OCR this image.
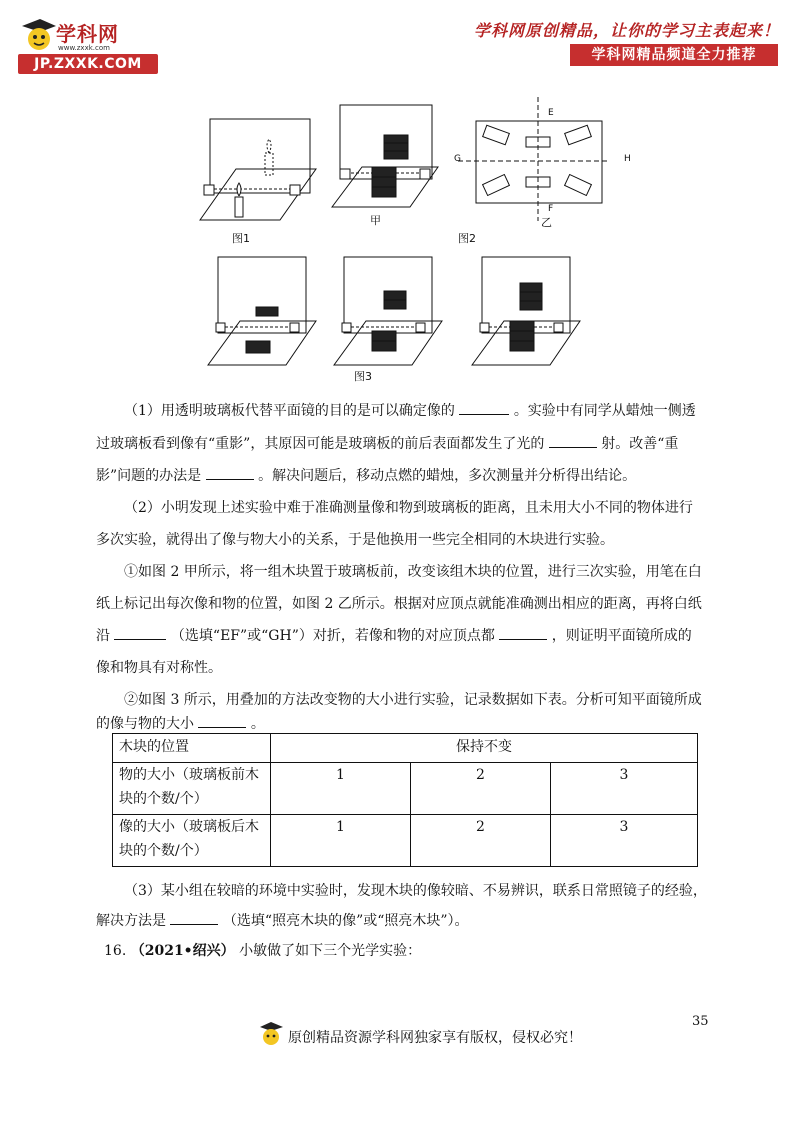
学科网
www.zxxk.com
JP.ZXXK.COM
学科网原创精品，让你的学习主表起来！
学科网精品频道全力推荐
图1
甲
图2
乙
E
F
G	H
图3
（1）用透明玻璃板代替平面镜的目的是可以确定像的	。实验中有同学从蜡烛一侧透
过玻璃板看到像有“重影”，其原因可能是玻璃板的前后表面都发生了光的	射。改善“重
影”问题的办法是	。解决问题后，移动点燃的蜡烛，多次测量并分析得出结论。
（2）小明发现上述实验中难于准确测量像和物到玻璃板的距离，且未用大小不同的物体进行
多次实验，就得出了像与物大小的关系，于是他换用一些完全相同的木块进行实验。
①如图 2 甲所示，将一组木块置于玻璃板前，改变该组木块的位置，进行三次实验，用笔在白
纸上标记出每次像和物的位置，如图 2 乙所示。根据对应顶点就能准确测出相应的距离，再将白纸
沿	（选填“EF”或“GH”）对折，若像和物的对应顶点都	，则证明平面镜所成的
像和物具有对称性。
②如图 3 所示，用叠加的方法改变物的大小进行实验，记录数据如下表。分析可知平面镜所成
的像与物的大小	。
木块的位置	保持不变		

物的大小（玻璃板前木
块的个数/个）	1	2	3

像的大小（玻璃板后木
块的个数/个）	1	2	3
（3）某小组在较暗的环境中实验时，发现木块的像较暗、不易辨识，联系日常照镜子的经验，
解决方法是	（选填“照亮木块的像”或“照亮木块”）。
16. （2021•绍兴） 小敏做了如下三个光学实验：
35
原创精品资源学科网独家享有版权，侵权必究！
